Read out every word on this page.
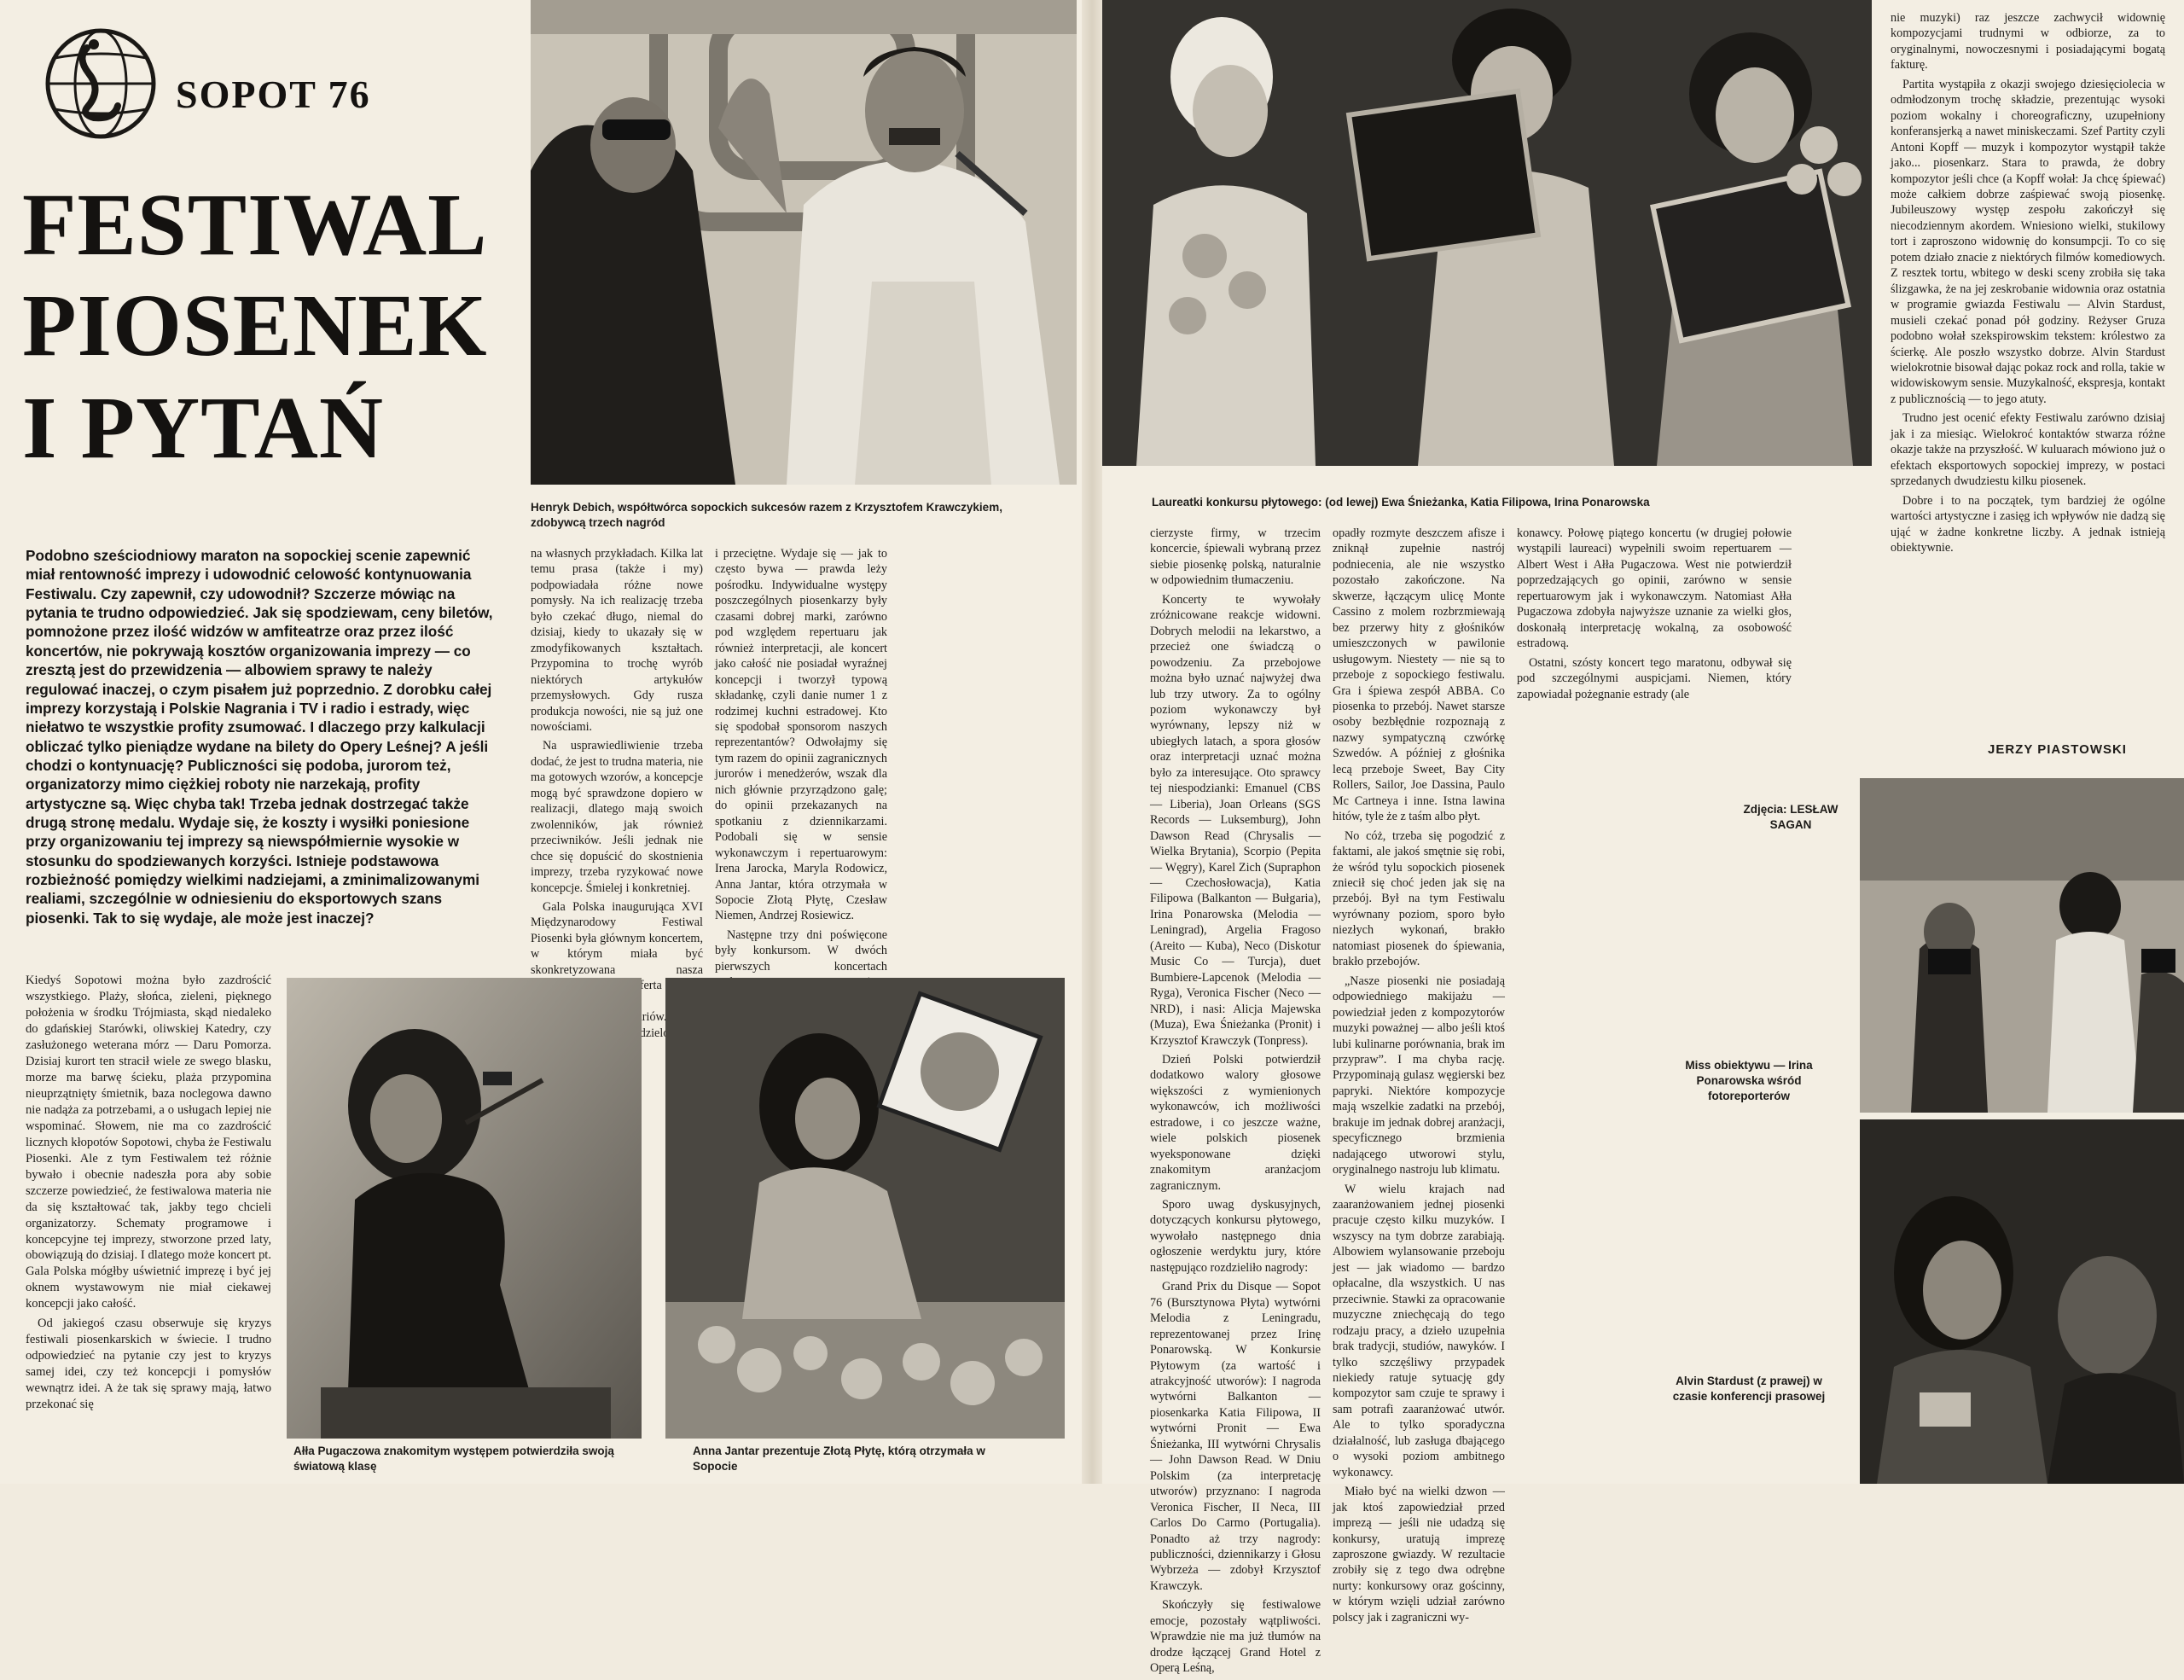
SOPOT 76
FESTIWAL
PIOSENEK
I PYTAŃ
Henryk Debich, współtwórca sopockich sukcesów razem z Krzysztofem Krawczykiem, zdobywcą trzech nagród

Podobno sześciodniowy maraton na sopockiej scenie zapewnić miał rentowność imprezy i udowodnić celowość kontynuowania Festiwalu. Czy zapewnił, czy udowodnił? Szczerze mówiąc na pytania te trudno odpowiedzieć. Jak się spodziewam, ceny biletów, pomnożone przez ilość widzów w amfiteatrze oraz przez ilość koncertów, nie pokrywają kosztów organizowania imprezy — co zresztą jest do przewidzenia — albowiem sprawy te należy regulować inaczej, o czym pisałem już poprzednio. Z dorobku całej imprezy korzystają i Polskie Nagrania i TV i radio i estrady, więc niełatwo te wszystkie profity zsumować. I dlaczego przy kalkulacji obliczać tylko pieniądze wydane na bilety do Opery Leśnej? A jeśli chodzi o kontynuację? Publiczności się podoba, jurorom też, organizatorzy mimo ciężkiej roboty nie narzekają, profity artystyczne są. Więc chyba tak! Trzeba jednak dostrzegać także drugą stronę medalu. Wydaje się, że koszty i wysiłki poniesione przy organizowaniu tej imprezy są niewspółmiernie wysokie w stosunku do spodziewanych korzyści. Istnieje podstawowa rozbieżność pomiędzy wielkimi nadziejami, a zminimalizowanymi realiami, szczególnie w odniesieniu do eksportowych szans piosenki. Tak to się wydaje, ale może jest inaczej?

na własnych przykładach. Kilka lat temu prasa (także i my) podpowiadała różne nowe pomysły. Na ich realizację trzeba było czekać długo, niemal do dzisiaj, kiedy to ukazały się w zmodyfikowanych kształtach. Przypomina to trochę wyrób niektórych artykułów przemysłowych. Gdy rusza produkcja nowości, nie są już one nowościami.

Na usprawiedliwienie trzeba dodać, że jest to trudna materia, nie ma gotowych wzorów, a koncepcje mogą być sprawdzone dopiero w realizacji, dlatego mają swoich zwolenników, jak również przeciwników. Jeśli jednak nie chce się dopuścić do skostnienia imprezy, trzeba ryzykować nowe koncepcje. Śmielej i konkretniej.

Gala Polska inaugurująca XVI Międzynarodowy Festiwal Piosenki była głównym koncertem, w którym miała być skonkretyzowana nasza oferta podzielone

i przeciętne. Wydaje się — jak to często bywa — prawda leży pośrodku. Indywidualne występy poszczególnych piosenkarzy były czasami dobrej marki, zarówno pod względem repertuaru jak również interpretacji, ale koncert jako całość nie posiadał wyraźnej koncepcji i tworzył typową składankę, czyli danie numer 1 z rodzimej kuchni estradowej. Kto się spodobał sponsorom naszych reprezentantów? Odwołajmy się tym razem do opinii zagranicznych jurorów i menedżerów, wszak dla nich głównie przyrządzono galę; do opinii przekazanych na spotkaniu z dziennikarzami. Podobali się w sensie wykonawczym i repertuarowym: Irena Jarocka, Maryla Rodowicz, Anna Jantar, która otrzymała w Sopocie Złotą Płytę, Czesław Niemen, Andrzej Rosiewicz.

Następne trzy dni poświęcone były konkursom. W dwóch pierwszych koncertach

Kiedyś Sopotowi można było zazdrościć wszystkiego. Plaży, słońca, zieleni, pięknego położenia w środku Trójmiasta, skąd niedaleko do gdańskiej Starówki, oliwskiej Katedry, czy zasłużonego weterana mórz — Daru Pomorza. Dzisiaj kurort ten stracił wiele ze swego blasku, morze ma barwę ścieku, plaża przypomina nieuprzątnięty śmietnik, baza noclegowa dawno nie nadąża za potrzebami, a o usługach lepiej nie wspominać. Słowem, nie ma co zazdrościć licznych kłopotów Sopotowi, chyba że Festiwalu Piosenki. Ale z tym Festiwalem też różnie bywało i obecnie nadeszła pora aby sobie szczerze powiedzieć, że festiwalowa materia nie da się kształtować tak, jakby tego chcieli organizatorzy. Schematy programowe i koncepcyjne tej imprezy, stworzone przed laty, obowiązują do dzisiaj. I dlatego może koncert pt. Gala Polska mógłby uświetnić imprezę i być jej oknem wystawowym nie miał ciekawej koncepcji jako całość.

Od jakiegoś czasu obserwuje się kryzys festiwali piosenkarskich w świecie. I trudno odpowiedzieć na pytanie czy jest to kryzys samej idei, czy też koncepcji i pomysłów wewnątrz idei. A że tak się sprawy mają, łatwo przekonać się

Ałła Pugaczowa znakomitym występem potwierdziła swoją światową klasę
Anna Jantar prezentuje Złotą Płytę, którą otrzymała w Sopocie
Laureatki konkursu płytowego: (od lewej) Ewa Śnieżanka, Katia Filipowa, Irina Ponarowska

cierzyste firmy, w trzecim koncercie, śpiewali wybraną przez siebie piosenkę polską, naturalnie w odpowiednim tłumaczeniu.

Koncerty te wywołały zróżnicowane reakcje widowni. Dobrych melodii na lekarstwo, a przecież one świadczą o powodzeniu. Za przebojowe można było uznać najwyżej dwa lub trzy utwory. Za to ogólny poziom wykonawczy był wyrównany, lepszy niż w ubiegłych latach, a spora głosów oraz interpretacji uznać można było za interesujące. Oto sprawcy tej niespodzianki: Emanuel (CBS — Liberia), Joan Orleans (SGS Records — Luksemburg), John Dawson Read (Chrysalis — Wielka Brytania), Scorpio (Pepita — Węgry), Karel Zich (Supraphon — Czechosłowacja), Katia Filipowa (Balkanton — Bułgaria), Irina Ponarowska (Melodia — Leningrad), Argelia Fragoso (Areito — Kuba), Neco (Diskotur Music Co — Turcja), duet Bumbiere-Lapcenok (Melodia — Ryga), Veronica Fischer (Neco — NRD), i nasi: Alicja Majewska (Muza), Ewa Śnieżanka (Pronit) i Krzysztof Krawczyk (Tonpress).

Dzień Polski potwierdził dodatkowo walory głosowe większości z wymienionych wykonawców, ich możliwości estradowe, i co jeszcze ważne, wiele polskich piosenek wyeksponowane dzięki znakomitym aranżacjom zagranicznym.

Sporo uwag dyskusyjnych, dotyczących konkursu płytowego, wywołało następnego dnia ogłoszenie werdyktu jury, które następująco rozdzieliło nagrody:

Grand Prix du Disque — Sopot 76 (Bursztynowa Płyta) wytwórni Melodia z Leningradu, reprezentowanej przez Irinę Ponarowską. W Konkursie Płytowym (za wartość i atrakcyjność utworów): I nagroda wytwórni Balkanton — piosenkarka Katia Filipowa, II wytwórni Pronit — Ewa Śnieżanka, III wytwórni Chrysalis — John Dawson Read. W Dniu Polskim (za interpretację utworów) przyznano: I nagroda Veronica Fischer, II Neca, III Carlos Do Carmo (Portugalia). Ponadto aż trzy nagrody: publiczności, dziennikarzy i Głosu Wybrzeża — zdobył Krzysztof Krawczyk.

Skończyły się festiwalowe emocje, pozostały wątpliwości. Wprawdzie nie ma już tłumów na drodze łączącej Grand Hotel z Operą Leśną,

opadły rozmyte deszczem afisze i zniknął zupełnie nastrój podniecenia, ale nie wszystko pozostało zakończone. Na skwerze, łączącym ulicę Monte Cassino z molem rozbrzmiewają bez przerwy hity z głośników umieszczonych w pawilonie usługowym. Niestety — nie są to przeboje z sopockiego festiwalu. Gra i śpiewa zespół ABBA. Co piosenka to przebój. Nawet starsze osoby bezbłędnie rozpoznają z nazwy sympatyczną czwórkę Szwedów. A później z głośnika lecą przeboje Sweet, Bay City Rollers, Sailor, Joe Dassina, Paulo Mc Cartneya i inne. Istna lawina hitów, tyle że z taśm albo płyt.

No cóż, trzeba się pogodzić z faktami, ale jakoś smętnie się robi, że wśród tylu sopockich piosenek zniecił się choć jeden jak się na przebój. Był na tym Festiwalu wyrównany poziom, sporo było niezłych wykonań, brakło natomiast piosenek do śpiewania, brakło przebojów.

„Nasze piosenki nie posiadają odpowiedniego makijażu — powiedział jeden z kompozytorów muzyki poważnej — albo jeśli ktoś lubi kulinarne porównania, brak im przypraw”. I ma chyba rację. Przypominają gulasz węgierski bez papryki. Niektóre kompozycje mają wszelkie zadatki na przebój, brakuje im jednak dobrej aranżacji, specyficznego brzmienia nadającego utworowi stylu, oryginalnego nastroju lub klimatu.

W wielu krajach nad zaaranżowaniem jednej piosenki pracuje często kilku muzyków. I wszyscy na tym dobrze zarabiają. Albowiem wylansowanie przeboju jest — jak wiadomo — bardzo opłacalne, dla wszystkich. U nas przeciwnie. Stawki za opracowanie muzyczne zniechęcają do tego rodzaju pracy, a dzieło uzupełnia brak tradycji, studiów, nawyków. I tylko szczęśliwy przypadek niekiedy ratuje sytuację gdy kompozytor sam czuje te sprawy i sam potrafi zaaranżować utwór. Ale to tylko sporadyczna działalność, lub zasługa dbającego o wysoki poziom ambitnego wykonawcy.

Miało być na wielki dzwon — jak ktoś zapowiedział przed imprezą — jeśli nie udadzą się konkursy, uratują imprezę zaproszone gwiazdy. W rezultacie zrobiły się z tego dwa odrębne nurty: konkursowy oraz gościnny, w którym wzięli udział zarówno polscy jak i zagraniczni wy-

konawcy. Połowę piątego koncertu (w drugiej połowie wystąpili laureaci) wypełnili swoim repertuarem — Albert West i Ałła Pugaczowa. West nie potwierdził poprzedzających go opinii, zarówno w sensie repertuarowym jak i wykonawczym. Natomiast Ałła Pugaczowa zdobyła najwyższe uznanie za wielki głos, doskonałą interpretację wokalną, za osobowość estradową.

Ostatni, szósty koncert tego maratonu, odbywał się pod szczególnymi auspicjami. Niemen, który zapowiadał pożegnanie estrady (ale

nie muzyki) raz jeszcze zachwycił widownię kompozycjami trudnymi w odbiorze, za to oryginalnymi, nowoczesnymi i posiadającymi bogatą fakturę.

Partita wystąpiła z okazji swojego dziesięciolecia w odmłodzonym trochę składzie, prezentując wysoki poziom wokalny i choreograficzny, uzupełniony konferansjerką a nawet miniskeczami. Szef Partity czyli Antoni Kopff — muzyk i kompozytor wystąpił także jako... piosenkarz. Stara to prawda, że dobry kompozytor jeśli chce (a Kopff wołał: Ja chcę śpiewać) może całkiem dobrze zaśpiewać swoją piosenkę. Jubileuszowy występ zespołu zakończył się niecodziennym akordem. Wniesiono wielki, stukilowy tort i zaproszono widownię do konsumpcji. To co się potem działo znacie z niektórych filmów komediowych. Z resztek tortu, wbitego w deski sceny zrobiła się taka ślizgawka, że na jej zeskrobanie widownia oraz ostatnia w programie gwiazda Festiwalu — Alvin Stardust, musieli czekać ponad pół godziny. Reżyser Gruza podobno wołał szekspirowskim tekstem: królestwo za ścierkę. Ale poszło wszystko dobrze. Alvin Stardust wielokrotnie bisował dając pokaz rock and rolla, takie w widowiskowym sensie. Muzykalność, ekspresja, kontakt z publicznością — to jego atuty.

Trudno jest ocenić efekty Festiwalu zarówno dzisiaj jak i za miesiąc. Wielokroć kontaktów stwarza różne okazje także na przyszłość. W kuluarach mówiono już o efektach eksportowych sopockiej imprezy, w postaci sprzedanych dwudziestu kilku piosenek.

Dobre i to na początek, tym bardziej że ogólne wartości artystyczne i zasięg ich wpływów nie dadzą się ująć w żadne konkretne liczby. A jednak istnieją obiektywnie.

JERZY PIASTOWSKI
Zdjęcia: LESŁAW SAGAN
Miss obiektywu — Irina Ponarowska wśród fotoreporterów
Alvin Stardust (z prawej) w czasie konferencji prasowej
